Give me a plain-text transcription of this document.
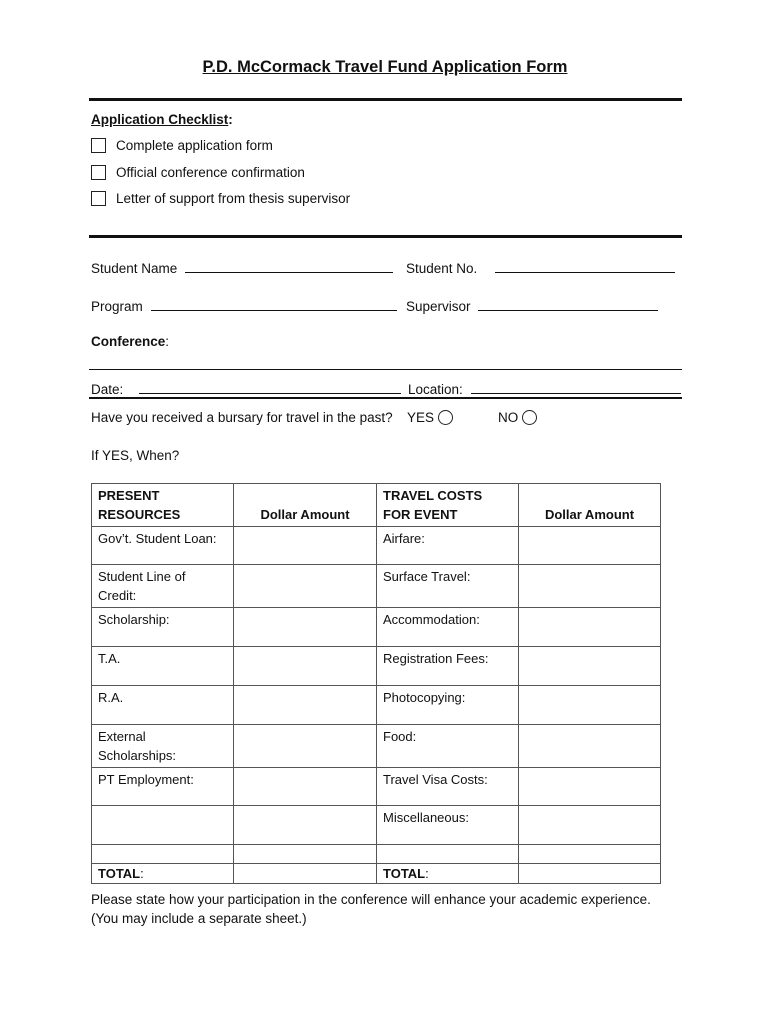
P.D. McCormack Travel Fund Application Form
Application Checklist:
Complete application form
Official conference confirmation
Letter of support from thesis supervisor
Student Name	Student No.
Program	Supervisor
Conference:
Date:	Location:
Have you received a bursary for travel in the past? YES	NO
If YES, When?
PRESENT RESOURCES	Dollar Amount	TRAVEL COSTS FOR EVENT	Dollar Amount
Gov’t. Student Loan:		Airfare:	
Student Line of Credit:		Surface Travel:	
Scholarship:		Accommodation:	
T.A.		Registration Fees:	
R.A.		Photocopying:	
External Scholarships:		Food:	
PT Employment:		Travel Visa Costs:	
		Miscellaneous:	

TOTAL:		TOTAL:	
Please state how your participation in the conference will enhance your academic experience.
(You may include a separate sheet.)
